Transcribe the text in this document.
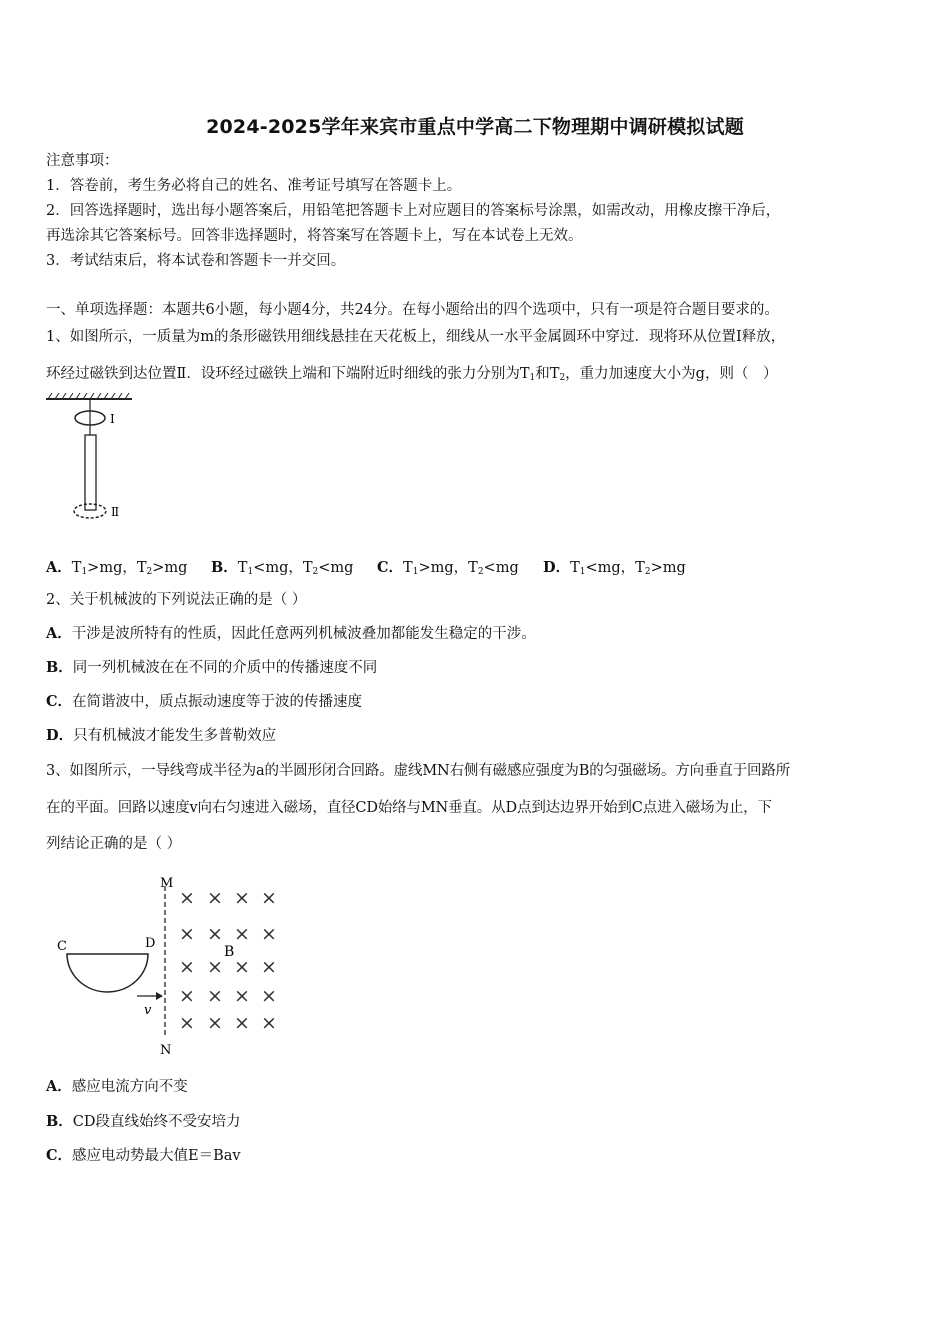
2024-2025学年来宾市重点中学高二下物理期中调研模拟试题
注意事项：
1．答卷前，考生务必将自己的姓名、准考证号填写在答题卡上。
2．回答选择题时，选出每小题答案后，用铅笔把答题卡上对应题目的答案标号涂黑，如需改动，用橡皮擦干净后，
再选涂其它答案标号。回答非选择题时，将答案写在答题卡上，写在本试卷上无效。
3．考试结束后，将本试卷和答题卡一并交回。
一、单项选择题：本题共6小题，每小题4分，共24分。在每小题给出的四个选项中，只有一项是符合题目要求的。
1、如图所示，一质量为m的条形磁铁用细线悬挂在天花板上，细线从一水平金属圆环中穿过．现将环从位置Ⅰ释放，
环经过磁铁到达位置Ⅱ．设环经过磁铁上端和下端附近时细线的张力分别为$T_1$和$T_2$，重力加速度大小为g，则（　）
Ⅰ
Ⅱ
A．$T_1>mg$，$T_2>mg$ B．$T_1<mg$，$T_2<mg$ C．$T_1>mg$，$T_2<mg$ D．$T_1<mg$，$T_2>mg$
2、关于机械波的下列说法正确的是（ ）
A．干涉是波所特有的性质，因此任意两列机械波叠加都能发生稳定的干涉。
B．同一列机械波在在不同的介质中的传播速度不同
C．在简谐波中，质点振动速度等于波的传播速度
D．只有机械波才能发生多普勒效应
3、如图所示，一导线弯成半径为a的半圆形闭合回路。虚线MN右侧有磁感应强度为B的匀强磁场。方向垂直于回路所
在的平面。回路以速度v向右匀速进入磁场，直径CD始络与MN垂直。从D点到达边界开始到C点进入磁场为止，下
列结论正确的是（ ）
M
N
C	D
v
× × × ×
× × × ×
× × × ×
× × × ×
× × × ×
B
A．感应电流方向不变
B．CD段直线始终不受安培力
C．感应电动势最大值E＝Bav
